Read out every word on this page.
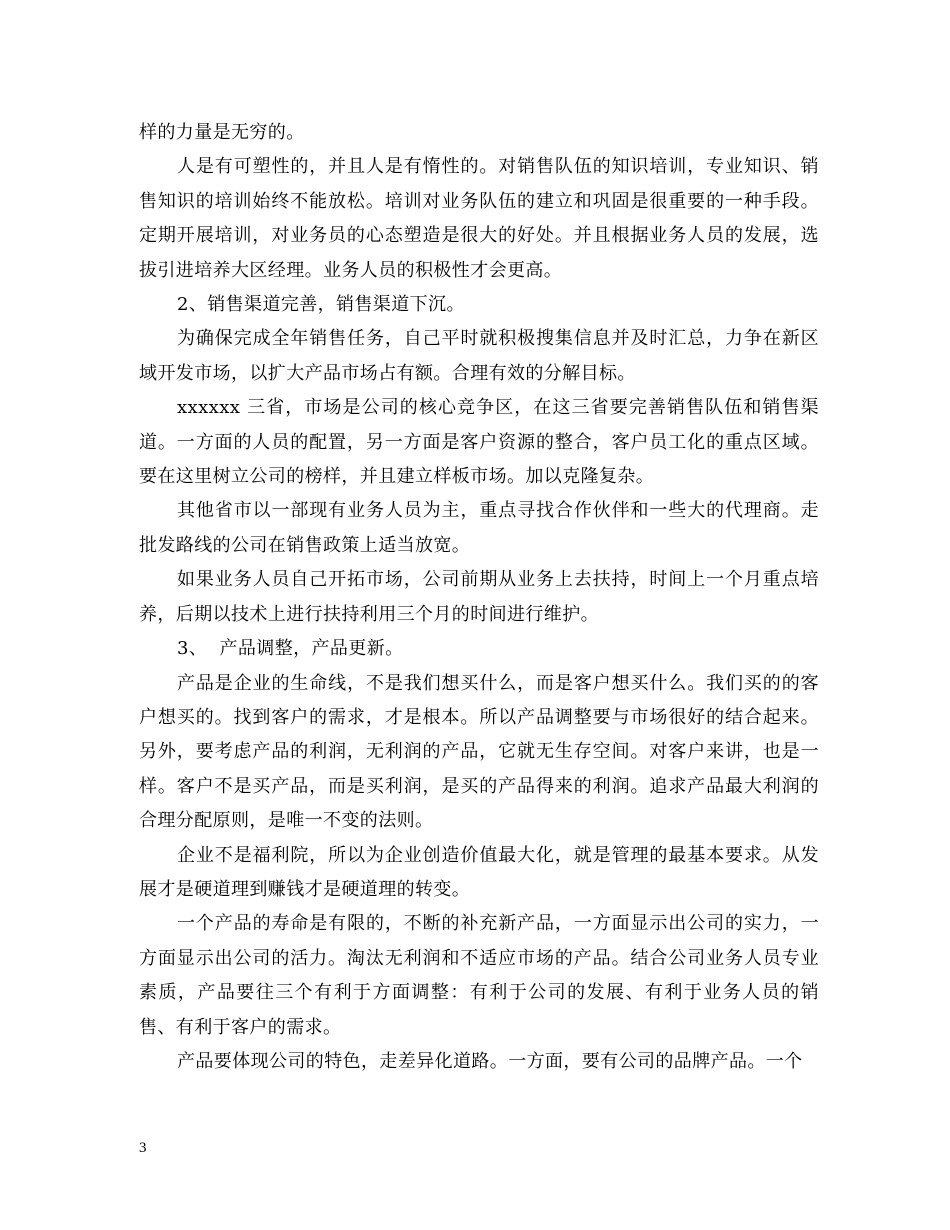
样的力量是无穷的。

人是有可塑性的，并且人是有惰性的。对销售队伍的知识培训，专业知识、销售知识的培训始终不能放松。培训对业务队伍的建立和巩固是很重要的一种手段。定期开展培训，对业务员的心态塑造是很大的好处。并且根据业务人员的发展，选拔引进培养大区经理。业务人员的积极性才会更高。

2、销售渠道完善，销售渠道下沉。

为确保完成全年销售任务，自己平时就积极搜集信息并及时汇总，力争在新区域开发市场，以扩大产品市场占有额。合理有效的分解目标。

xxxxxx 三省，市场是公司的核心竞争区，在这三省要完善销售队伍和销售渠道。一方面的人员的配置，另一方面是客户资源的整合，客户员工化的重点区域。要在这里树立公司的榜样，并且建立样板市场。加以克隆复杂。

其他省市以一部现有业务人员为主，重点寻找合作伙伴和一些大的代理商。走批发路线的公司在销售政策上适当放宽。

如果业务人员自己开拓市场，公司前期从业务上去扶持，时间上一个月重点培养，后期以技术上进行扶持利用三个月的时间进行维护。

3、  产品调整，产品更新。

产品是企业的生命线，不是我们想买什么，而是客户想买什么。我们买的的客户想买的。找到客户的需求，才是根本。所以产品调整要与市场很好的结合起来。另外，要考虑产品的利润，无利润的产品，它就无生存空间。对客户来讲，也是一样。客户不是买产品，而是买利润，是买的产品得来的利润。追求产品最大利润的合理分配原则，是唯一不变的法则。

企业不是福利院，所以为企业创造价值最大化，就是管理的最基本要求。从发展才是硬道理到赚钱才是硬道理的转变。

一个产品的寿命是有限的，不断的补充新产品，一方面显示出公司的实力，一方面显示出公司的活力。淘汰无利润和不适应市场的产品。结合公司业务人员专业素质，产品要往三个有利于方面调整：有利于公司的发展、有利于业务人员的销售、有利于客户的需求。

产品要体现公司的特色，走差异化道路。一方面，要有公司的品牌产品。一个

3
